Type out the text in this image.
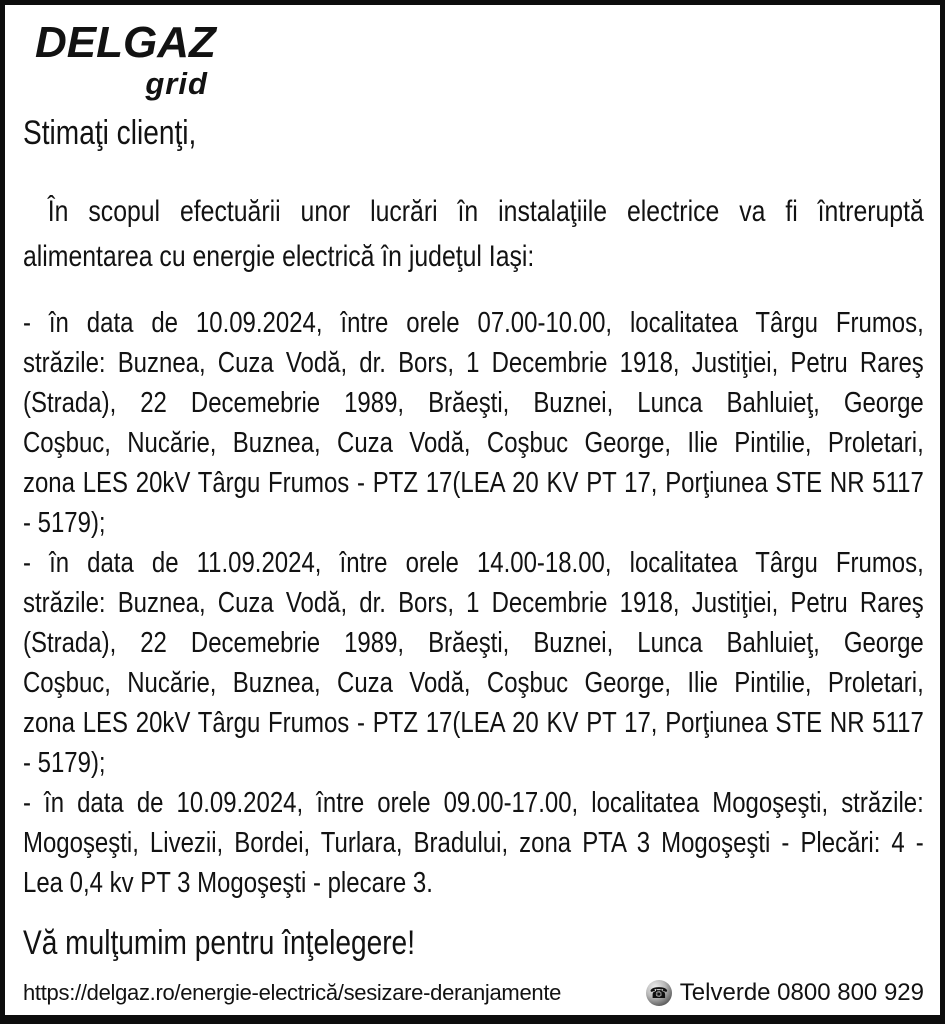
DELGAZ
grid
Stimaţi clienţi,
În scopul efectuării unor lucrări în instalaţiile electrice va fi întreruptă
alimentarea cu energie electrică în judeţul Iaşi:
- în data de 10.09.2024, între orele 07.00-10.00, localitatea Târgu Frumos,
străzile: Buznea, Cuza Vodă, dr. Bors, 1 Decembrie 1918, Justiţiei, Petru Rareş
(Strada), 22 Decemebrie 1989, Brăeşti, Buznei, Lunca Bahluieţ, George
Coşbuc, Nucărie, Buznea, Cuza Vodă, Coşbuc George, Ilie Pintilie, Proletari,
zona LES 20kV Târgu Frumos - PTZ 17(LEA 20 KV PT 17, Porţiunea STE NR 5117
- 5179);
- în data de 11.09.2024, între orele 14.00-18.00, localitatea Târgu Frumos,
străzile: Buznea, Cuza Vodă, dr. Bors, 1 Decembrie 1918, Justiţiei, Petru Rareş
(Strada), 22 Decemebrie 1989, Brăeşti, Buznei, Lunca Bahluieţ, George
Coşbuc, Nucărie, Buznea, Cuza Vodă, Coşbuc George, Ilie Pintilie, Proletari,
zona LES 20kV Târgu Frumos - PTZ 17(LEA 20 KV PT 17, Porţiunea STE NR 5117
- 5179);
- în data de 10.09.2024, între orele 09.00-17.00, localitatea Mogoşeşti, străzile:
Mogoşeşti, Livezii, Bordei, Turlara, Bradului, zona PTA 3 Mogoşeşti - Plecări: 4 -
Lea 0,4 kv PT 3 Mogoşeşti - plecare 3.
Vă mulţumim pentru înţelegere!
https://delgaz.ro/energie-electrică/sesizare-deranjamente	☎ Telverde 0800 800 929
